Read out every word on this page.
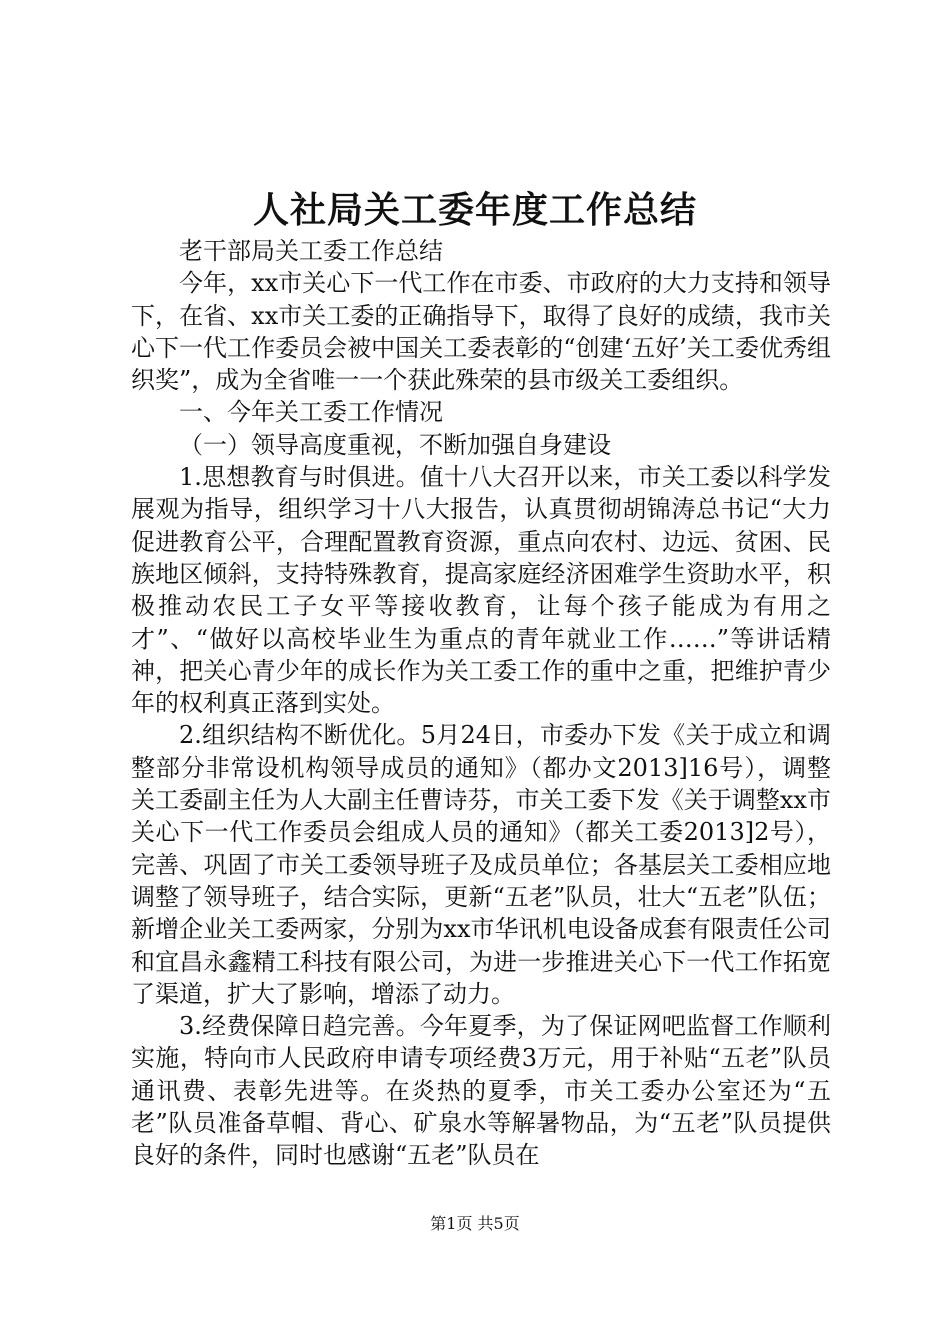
人社局关工委年度工作总结

老干部局关工委工作总结

今年，xx市关心下一代工作在市委、市政府的大力支持和领导下，在省、xx市关工委的正确指导下，取得了良好的成绩，我市关心下一代工作委员会被中国关工委表彰的“创建‘五好’关工委优秀组织奖”，成为全省唯一一个获此殊荣的县市级关工委组织。

一、今年关工委工作情况

（一）领导高度重视，不断加强自身建设

1.思想教育与时俱进。值十八大召开以来，市关工委以科学发展观为指导，组织学习十八大报告，认真贯彻胡锦涛总书记“大力促进教育公平，合理配置教育资源，重点向农村、边远、贫困、民族地区倾斜，支持特殊教育，提高家庭经济困难学生资助水平，积极推动农民工子女平等接收教育，让每个孩子能成为有用之才”、“做好以高校毕业生为重点的青年就业工作……”等讲话精神，把关心青少年的成长作为关工委工作的重中之重，把维护青少年的权利真正落到实处。

2.组织结构不断优化。5月24日，市委办下发《关于成立和调整部分非常设机构领导成员的通知》（都办文2013]16号），调整关工委副主任为人大副主任曹诗芬，市关工委下发《关于调整xx市关心下一代工作委员会组成人员的通知》（都关工委2013]2号），完善、巩固了市关工委领导班子及成员单位；各基层关工委相应地调整了领导班子，结合实际，更新“五老”队员，壮大“五老”队伍；新增企业关工委两家，分别为xx市华讯机电设备成套有限责任公司和宜昌永鑫精工科技有限公司，为进一步推进关心下一代工作拓宽了渠道，扩大了影响，增添了动力。

3.经费保障日趋完善。今年夏季，为了保证网吧监督工作顺利实施，特向市人民政府申请专项经费3万元，用于补贴“五老”队员通讯费、表彰先进等。在炎热的夏季，市关工委办公室还为“五老”队员准备草帽、背心、矿泉水等解暑物品，为“五老”队员提供良好的条件，同时也感谢“五老”队员在

第1页 共5页
